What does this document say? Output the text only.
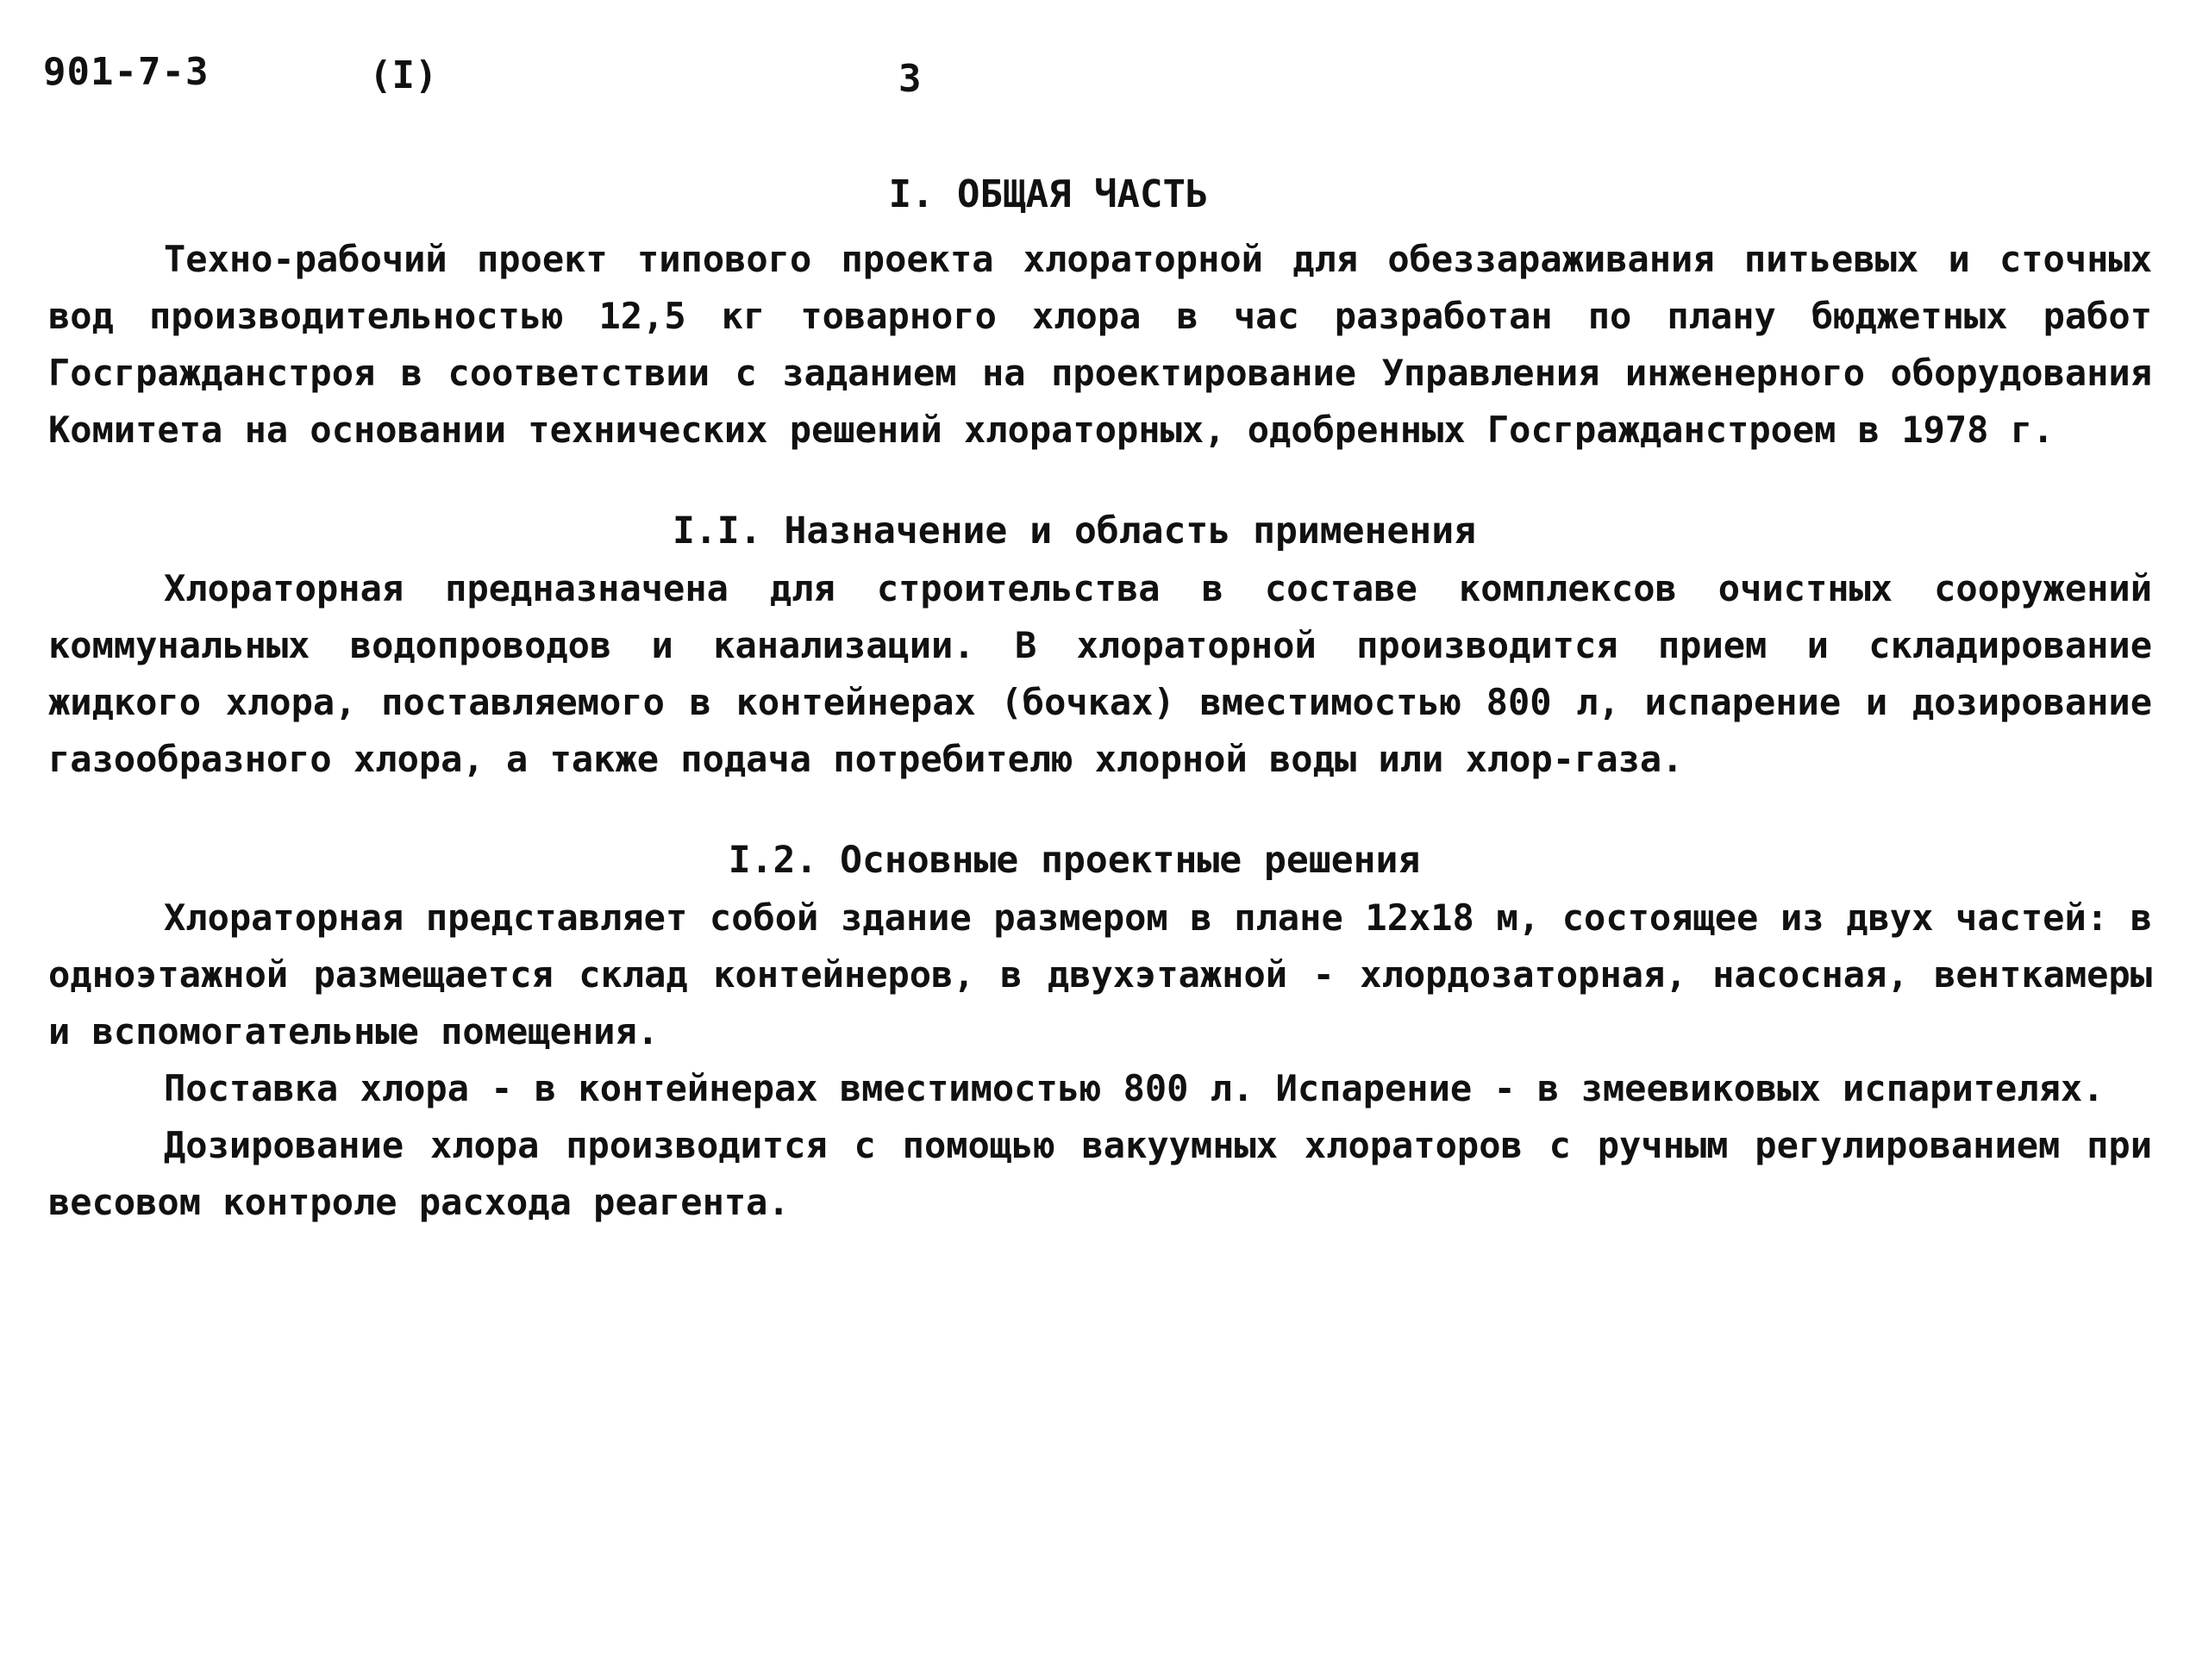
901-7-3	(I)	3
I. ОБЩАЯ ЧАСТЬ

Техно-рабочий проект типового проекта хлораторной для обеззараживания питьевых и сточных вод производительностью 12,5 кг товарного хлора в час разработан по плану бюджетных работ Госгражданстроя в соответствии с заданием на проектирование Управления инженерного оборудования Комитета на основании технических решений хлораторных, одобренных Госгражданстроем в 1978 г.

I.I. Назначение и область применения

Хлораторная предназначена для строительства в составе комплексов очистных сооружений коммунальных водопроводов и канализации. В хлораторной производится прием и складирование жидкого хлора, поставляемого в контейнерах (бочках) вместимостью 800 л, испарение и дозирование газообразного хлора, а также подача потребителю хлорной воды или хлор-газа.

I.2. Основные проектные решения

Хлораторная представляет собой здание размером в плане 12х18 м, состоящее из двух частей: в одноэтажной размещается склад контейнеров, в двухэтажной - хлордозаторная, насосная, венткамеры и вспомогательные помещения.

Поставка хлора - в контейнерах вместимостью 800 л. Испарение - в змеевиковых испарителях.

Дозирование хлора производится с помощью вакуумных хлораторов с ручным регулированием при весовом контроле расхода реагента.
